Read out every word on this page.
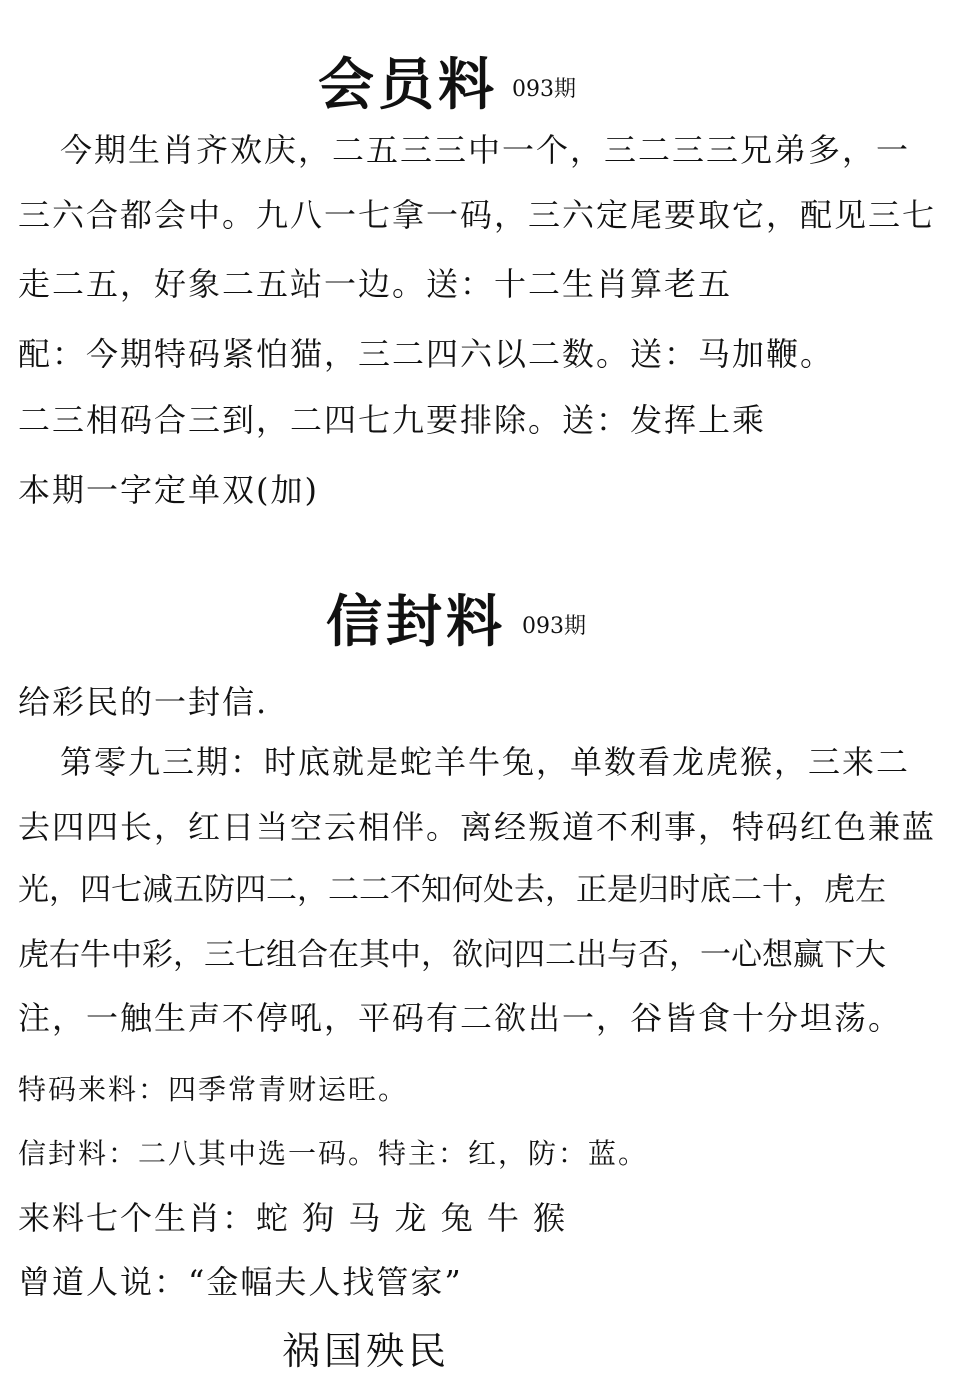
会员料 093期
今期生肖齐欢庆，二五三三中一个，三二三三兄弟多，一
三六合都会中。九八一七拿一码，三六定尾要取它，配见三七
走二五，好象二五站一边。送：十二生肖算老五
配：今期特码紧怕猫，三二四六以二数。送：马加鞭。
二三相码合三到，二四七九要排除。送：发挥上乘
本期一字定单双(加)
信封料 093期
给彩民的一封信.
第零九三期：时底就是蛇羊牛兔，单数看龙虎猴，三来二
去四四长，红日当空云相伴。离经叛道不利事，特码红色兼蓝
光，四七减五防四二，二二不知何处去，正是归时底二十，虎左
虎右牛中彩，三七组合在其中，欲问四二出与否，一心想赢下大
注，一触生声不停吼，平码有二欲出一，谷皆食十分坦荡。
特码来料：四季常青财运旺。
信封料：二八其中选一码。特主：红，防：蓝。
来料七个生肖：蛇 狗 马 龙 兔 牛 猴
曾道人说：“金幅夫人找管家”
祸国殃民
